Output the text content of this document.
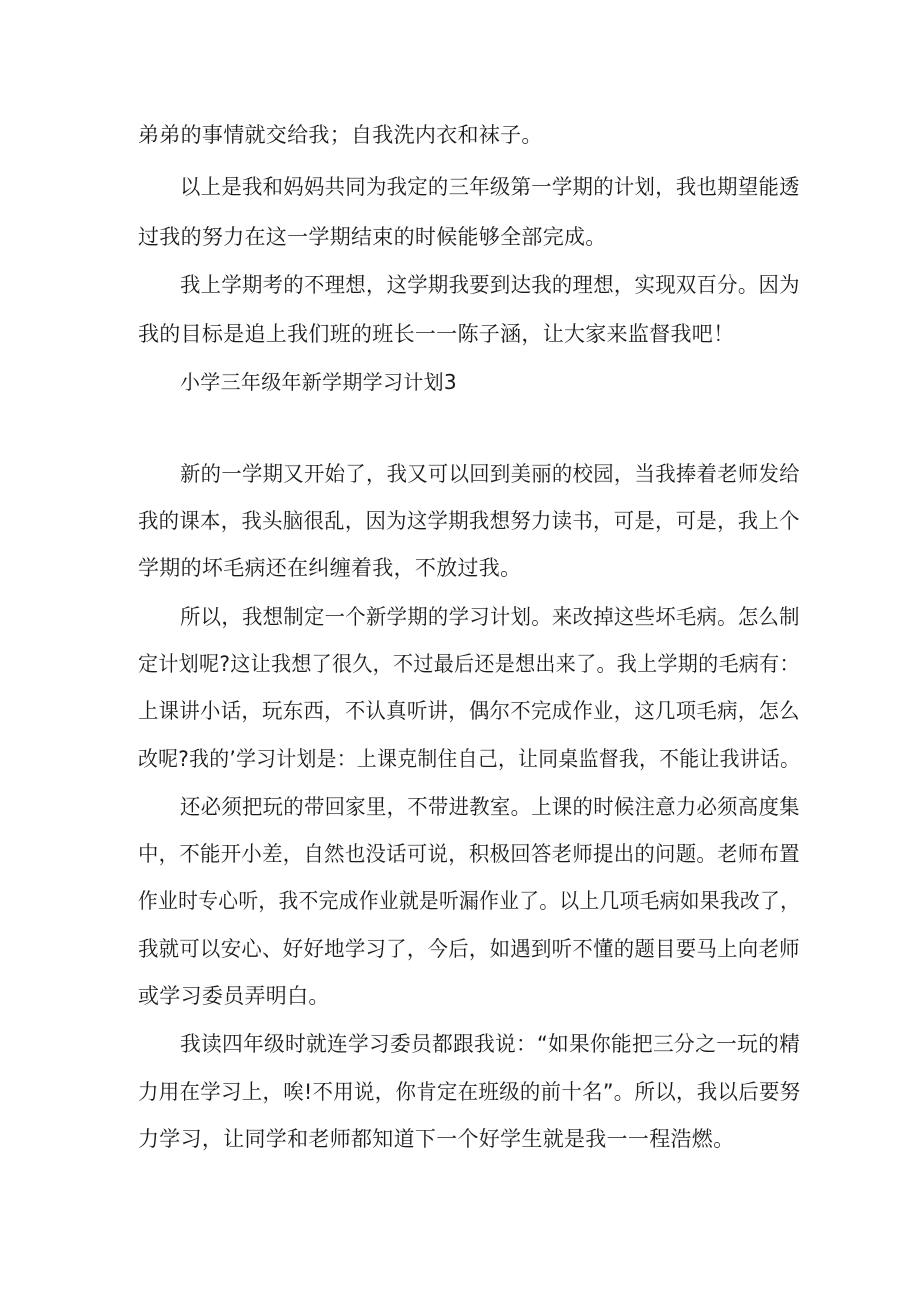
弟弟的事情就交给我；自我洗内衣和袜子。
以上是我和妈妈共同为我定的三年级第一学期的计划，我也期望能透
过我的努力在这一学期结束的时候能够全部完成。
我上学期考的不理想，这学期我要到达我的理想，实现双百分。因为
我的目标是追上我们班的班长一一陈子涵，让大家来监督我吧！
小学三年级年新学期学习计划3
新的一学期又开始了，我又可以回到美丽的校园，当我捧着老师发给
我的课本，我头脑很乱，因为这学期我想努力读书，可是，可是，我上个
学期的坏毛病还在纠缠着我，不放过我。
所以，我想制定一个新学期的学习计划。来改掉这些坏毛病。怎么制
定计划呢?这让我想了很久，不过最后还是想出来了。我上学期的毛病有：
上课讲小话，玩东西，不认真听讲，偶尔不完成作业，这几项毛病，怎么
改呢?我的’学习计划是：上课克制住自己，让同桌监督我，不能让我讲话。
还必须把玩的带回家里，不带进教室。上课的时候注意力必须高度集
中，不能开小差，自然也没话可说，积极回答老师提出的问题。老师布置
作业时专心听，我不完成作业就是听漏作业了。以上几项毛病如果我改了，
我就可以安心、好好地学习了，今后，如遇到听不懂的题目要马上向老师
或学习委员弄明白。
我读四年级时就连学习委员都跟我说：“如果你能把三分之一玩的精
力用在学习上，唉!不用说，你肯定在班级的前十名”。所以，我以后要努
力学习，让同学和老师都知道下一个好学生就是我一一程浩燃。
